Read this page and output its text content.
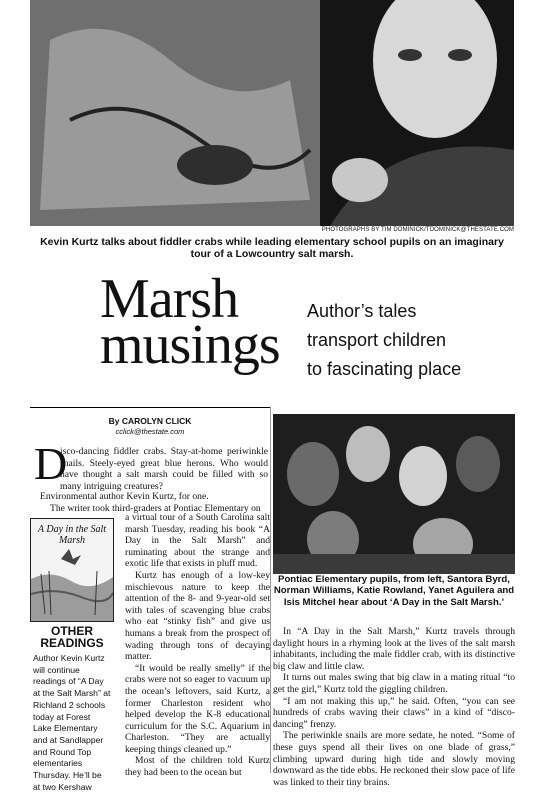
PHOTOGRAPHS BY TIM DOMINICK/TDOMINICK@THESTATE.COM
Kevin Kurtz talks about fiddler crabs while leading elementary school pupils on an imaginary tour of a Lowcountry salt marsh.
Marsh
musings
Author’s tales
transport children
to fascinating place
By CAROLYN CLICK
cclick@thestate.com
D

isco-dancing fiddler crabs. Stay-at-home periwinkle snails. Steely-eyed great blue herons. Who would have thought a salt marsh could be filled with so many intriguing creatures?

Environmental author Kevin Kurtz, for one.

The writer took third-graders at Pontiac Elementary on

A Day in the Salt Marsh
OTHER READINGS
Author Kevin Kurtz will continue readings of “A Day at the Salt Marsh” at Richland 2 schools today at Forest Lake Elementary and at Sandlapper and Round Top elementaries Thursday. He’ll be at two Kershaw

a virtual tour of a South Carolina salt marsh Tuesday, reading his book “A Day in the Salt Marsh” and ruminating about the strange and exotic life that exists in pluff mud.

Kurtz has enough of a low-key mischievous nature to keep the attention of the 8- and 9-year-old set with tales of scavenging blue crabs who eat “stinky fish” and give us humans a break from the prospect of wading through tons of decaying matter.

“It would be really smelly” if the crabs were not so eager to vacuum up the ocean’s leftovers, said Kurtz, a former Charleston resident who helped develop the K-8 educational curriculum for the S.C. Aquarium in Charleston. “They are actually keeping things cleaned up.”

Most of the children told Kurtz they had been to the ocean but

Pontiac Elementary pupils, from left, Santora Byrd, Norman Williams, Katie Rowland, Yanet Aguilera and Isis Mitchel hear about ‘A Day in the Salt Marsh.’

In “A Day in the Salt Marsh,” Kurtz travels through daylight hours in a rhyming look at the lives of the salt marsh inhabitants, including the male fiddler crab, with its distinctive big claw and little claw.

It turns out males swing that big claw in a mating ritual “to get the girl,” Kurtz told the giggling children.

“I am not making this up,” he said. Often, “you can see hundreds of crabs waving their claws” in a kind of “disco-dancing” frenzy.

The periwinkle snails are more sedate, he noted. “Some of these guys spend all their lives on one blade of grass,” climbing upward during high tide and slowly moving downward as the tide ebbs. He reckoned their slow pace of life was linked to their tiny brains.
